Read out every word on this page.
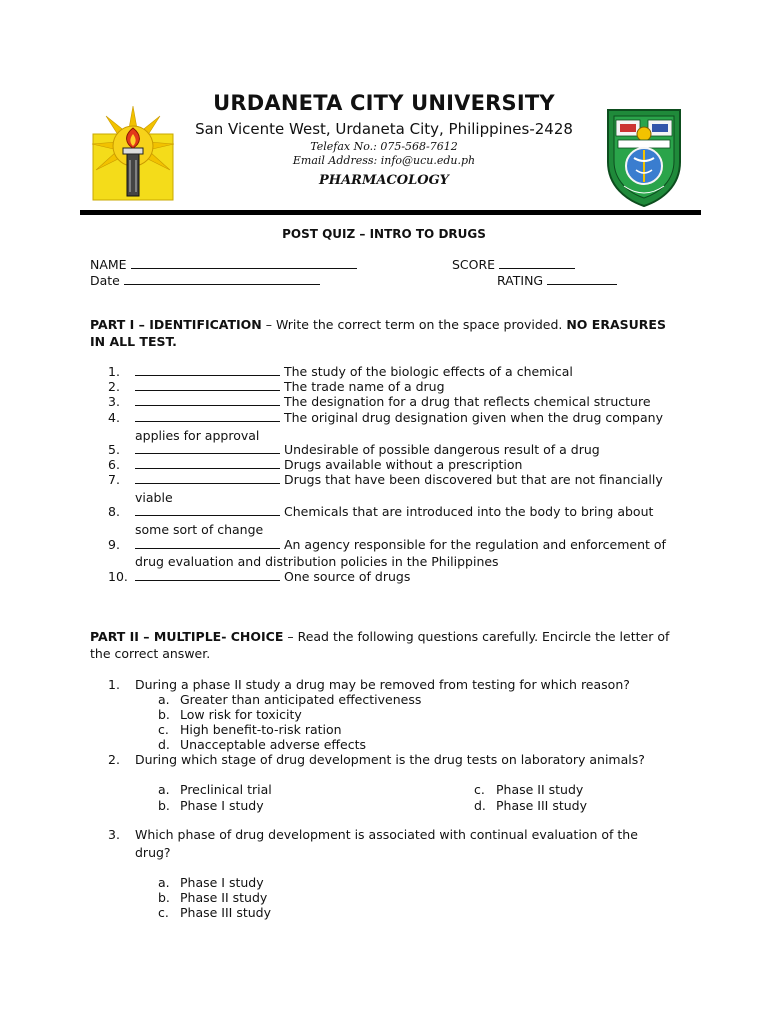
URDANETA CITY UNIVERSITY
San Vicente West, Urdaneta City, Philippines-2428
Telefax No.: 075-568-7612
Email Address: info@ucu.edu.ph
PHARMACOLOGY
POST QUIZ – INTRO TO DRUGS
NAME	SCORE
Date	RATING
PART I – IDENTIFICATION – Write the correct term on the space provided. NO ERASURES IN ALL TEST.
1.	The study of the biologic effects of a chemical
2.	The trade name of a drug
3.	The designation for a drug that reflects chemical structure
4.	The original drug designation given when the drug company
applies for approval
5.	Undesirable of possible dangerous result of a drug
6.	Drugs available without a prescription
7.	Drugs that have been discovered but that are not financially
viable
8.	Chemicals that are introduced into the body to bring about
some sort of change
9.	An agency responsible for the regulation and enforcement of
drug evaluation and distribution policies in the Philippines
10.	One source of drugs
PART II – MULTIPLE- CHOICE – Read the following questions carefully. Encircle the letter of the correct answer.
1.	During a phase II study a drug may be removed from testing for which reason?
a. Greater than anticipated effectiveness
b. Low risk for toxicity
c. High benefit-to-risk ration
d. Unacceptable adverse effects
2.	During which stage of drug development is the drug tests on laboratory animals?
a. Preclinical trial
b. Phase I study
c. Phase II study
d. Phase III study
3.	Which phase of drug development is associated with continual evaluation of the
drug?
a. Phase I study
b. Phase II study
c. Phase III study
